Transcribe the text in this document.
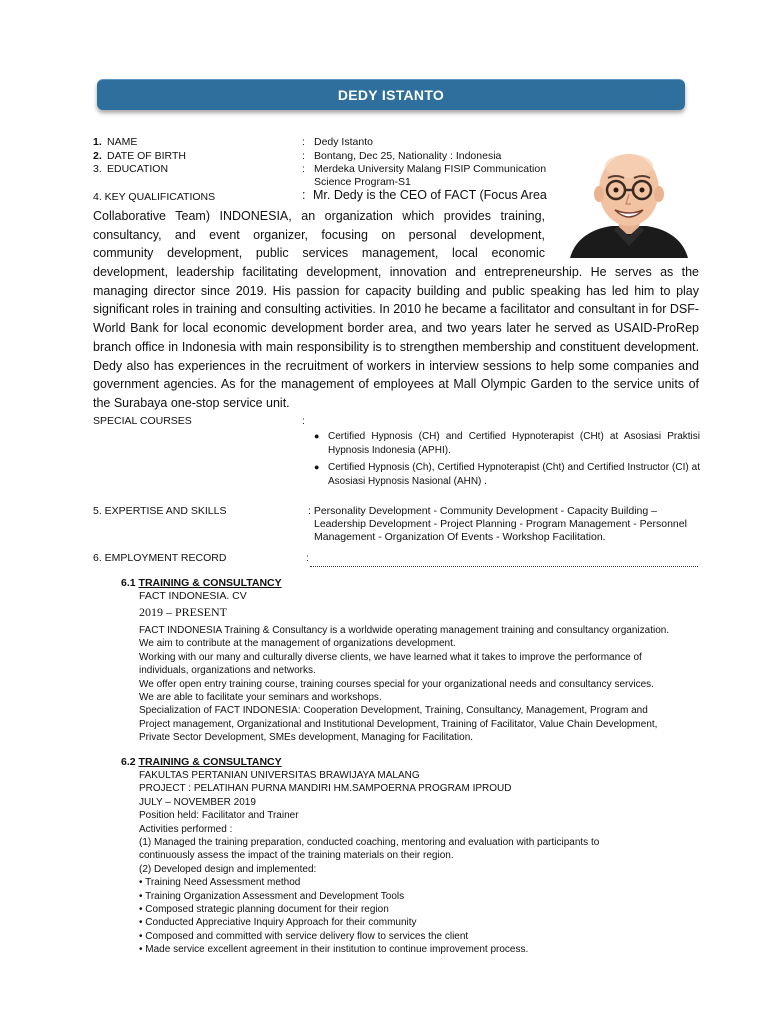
DEDY ISTANTO
1. NAME	: Dedy Istanto
2. DATE OF BIRTH	: Bontang, Dec 25, Nationality : Indonesia
3. EDUCATION	: Merdeka University Malang FISIP Communication
Science Program-S1
4. KEY QUALIFICATIONS	: Mr. Dedy is the CEO of FACT (Focus Area
Collaborative Team) INDONESIA, an organization which provides training,
consultancy, and event organizer, focusing on personal development,
community development, public services management, local economic
development, leadership facilitating development, innovation and entrepreneurship. He serves as the managing director since 2019. His passion for capacity building and public speaking has led him to play significant roles in training and consulting activities. In 2010 he became a facilitator and consultant in for DSF-World Bank for local economic development border area, and two years later he served as USAID-ProRep branch office in Indonesia with main responsibility is to strengthen membership and constituent development. Dedy also has experiences in the recruitment of workers in interview sessions to help some companies and government agencies. As for the management of employees at Mall Olympic Garden to the service units of the Surabaya one-stop service unit.
SPECIAL COURSES	:
● Certified Hypnosis (CH) and Certified Hypnoterapist (CHt) at Asosiasi Praktisi Hypnosis Indonesia (APHI).
● Certified Hypnosis (Ch), Certified Hypnoterapist (Cht) and Certified Instructor (CI) at Asosiasi Hypnosis Nasional (AHN) .
5. EXPERTISE AND SKILLS	: Personality Development - Community Development - Capacity Building –
Leadership Development - Project Planning - Program Management - Personnel
Management - Organization Of Events - Workshop Facilitation.
6. EMPLOYMENT RECORD	:
6.1 TRAINING & CONSULTANCY
FACT INDONESIA. CV
2019 – PRESENT
FACT INDONESIA Training & Consultancy is a worldwide operating management training and consultancy organization.
We aim to contribute at the management of organizations development.
Working with our many and culturally diverse clients, we have learned what it takes to improve the performance of
individuals, organizations and networks.
We offer open entry training course, training courses special for your organizational needs and consultancy services.
We are able to facilitate your seminars and workshops.
Specialization of FACT INDONESIA: Cooperation Development, Training, Consultancy, Management, Program and
Project management, Organizational and Institutional Development, Training of Facilitator, Value Chain Development,
Private Sector Development, SMEs development, Managing for Facilitation.
6.2 TRAINING & CONSULTANCY
FAKULTAS PERTANIAN UNIVERSITAS BRAWIJAYA MALANG
PROJECT : PELATIHAN PURNA MANDIRI HM.SAMPOERNA PROGRAM IPROUD
JULY – NOVEMBER 2019
Position held: Facilitator and Trainer
Activities performed :
(1) Managed the training preparation, conducted coaching, mentoring and evaluation with participants to
continuously assess the impact of the training materials on their region.
(2) Developed design and implemented:
• Training Need Assessment method
• Training Organization Assessment and Development Tools
• Composed strategic planning document for their region
• Conducted Appreciative Inquiry Approach for their community
• Composed and committed with service delivery flow to services the client
• Made service excellent agreement in their institution to continue improvement process.
